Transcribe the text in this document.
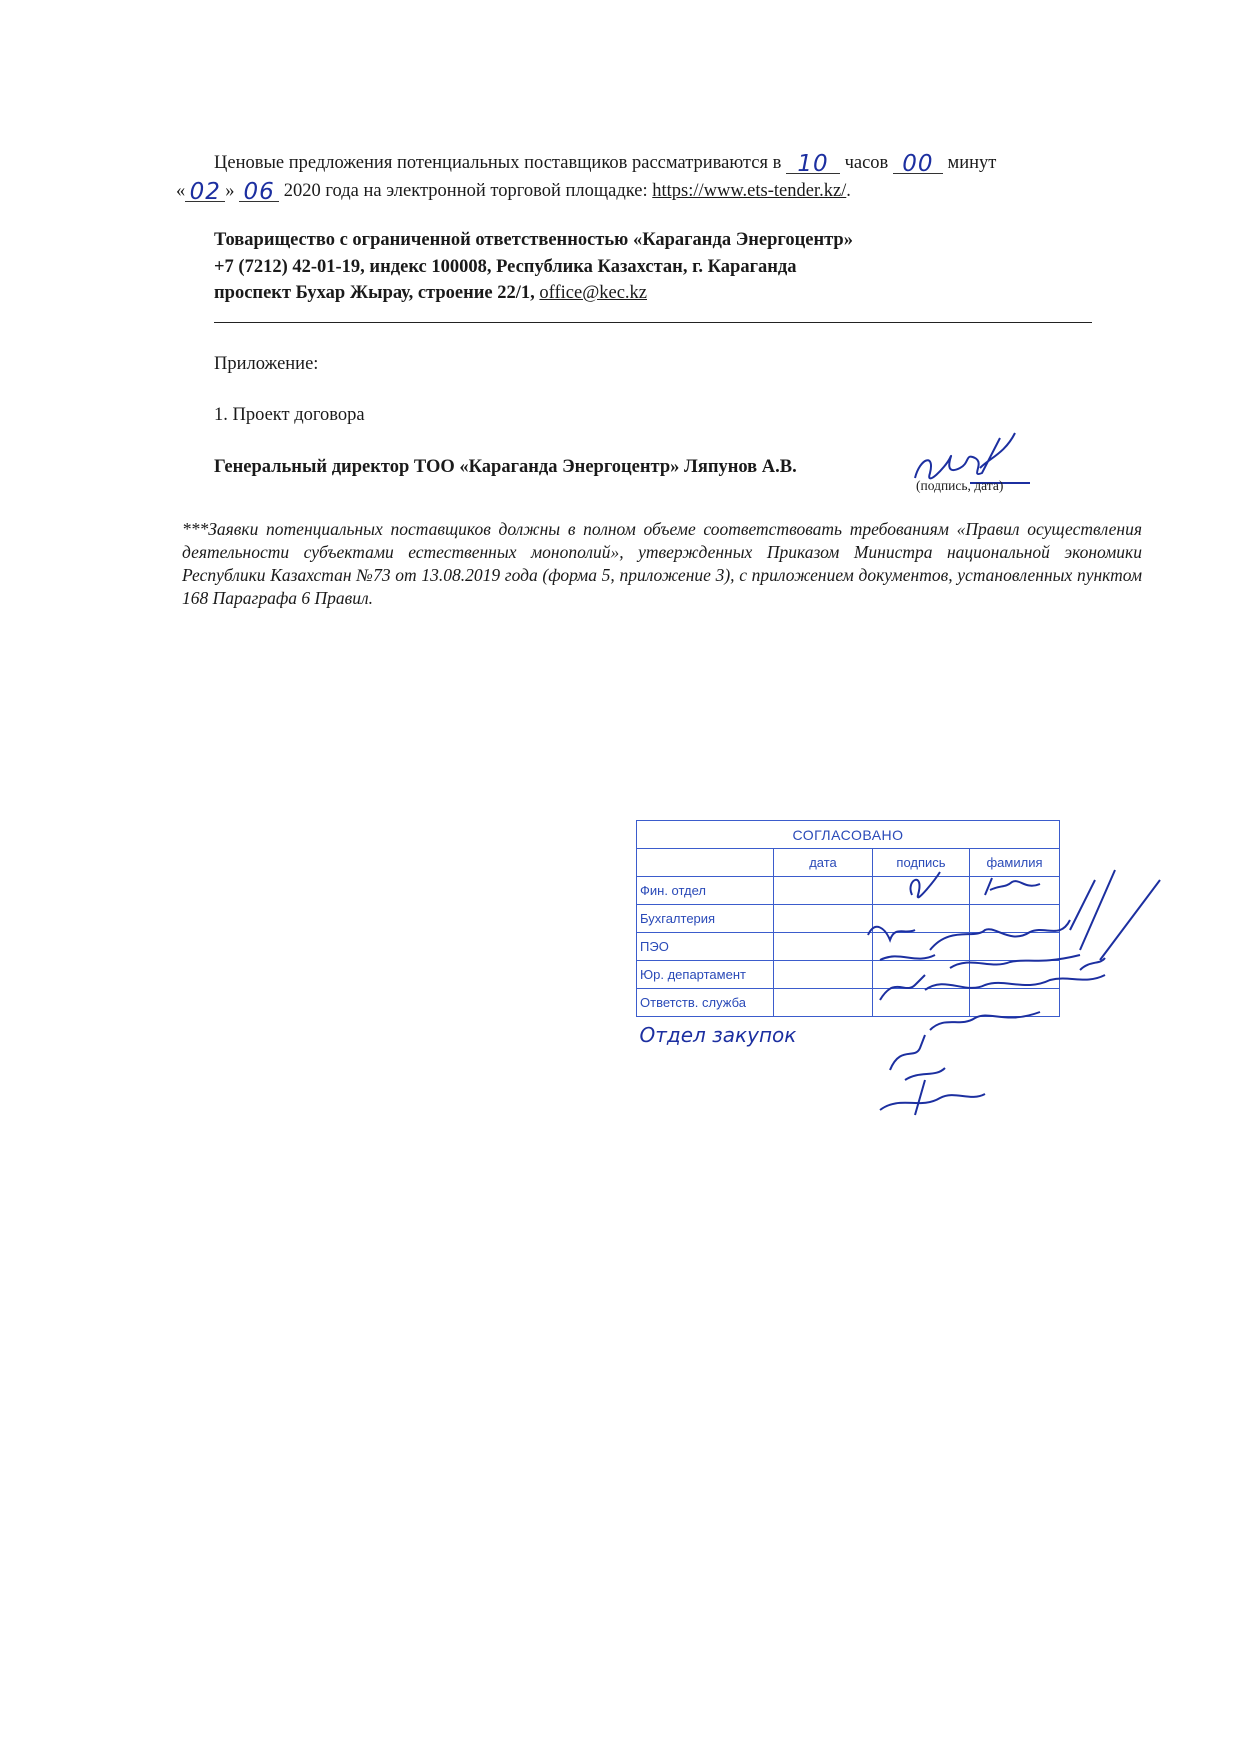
Ценовые предложения потенциальных поставщиков рассматриваются в 10 часов 00 минут
« 02 » 06 2020 года на электронной торговой площадке: https://www.ets-tender.kz/.
Товарищество с ограниченной ответственностью «Караганда Энергоцентр»
+7 (7212) 42-01-19, индекс 100008, Республика Казахстан, г. Караганда
проспект Бухар Жырау, строение 22/1, office@kec.kz
Приложение:
1. Проект договора
Генеральный директор ТОО «Караганда Энергоцентр» Ляпунов А.В.
(подпись, дата)
***Заявки потенциальных поставщиков должны в полном объеме соответствовать требованиям «Правил осуществления деятельности субъектами естественных монополий», утвержденных Приказом Министра национальной экономики Республики Казахстан №73 от 13.08.2019 года (форма 5, приложение 3), с приложением документов, установленных пунктом 168 Параграфа 6 Правил.
СОГЛАСОВАНО			
	дата	подпись	фамилия
Фин. отдел			
Бухгалтерия			
ПЭО			
Юр. департамент			
Ответств. служба			
Отдел закупок			
